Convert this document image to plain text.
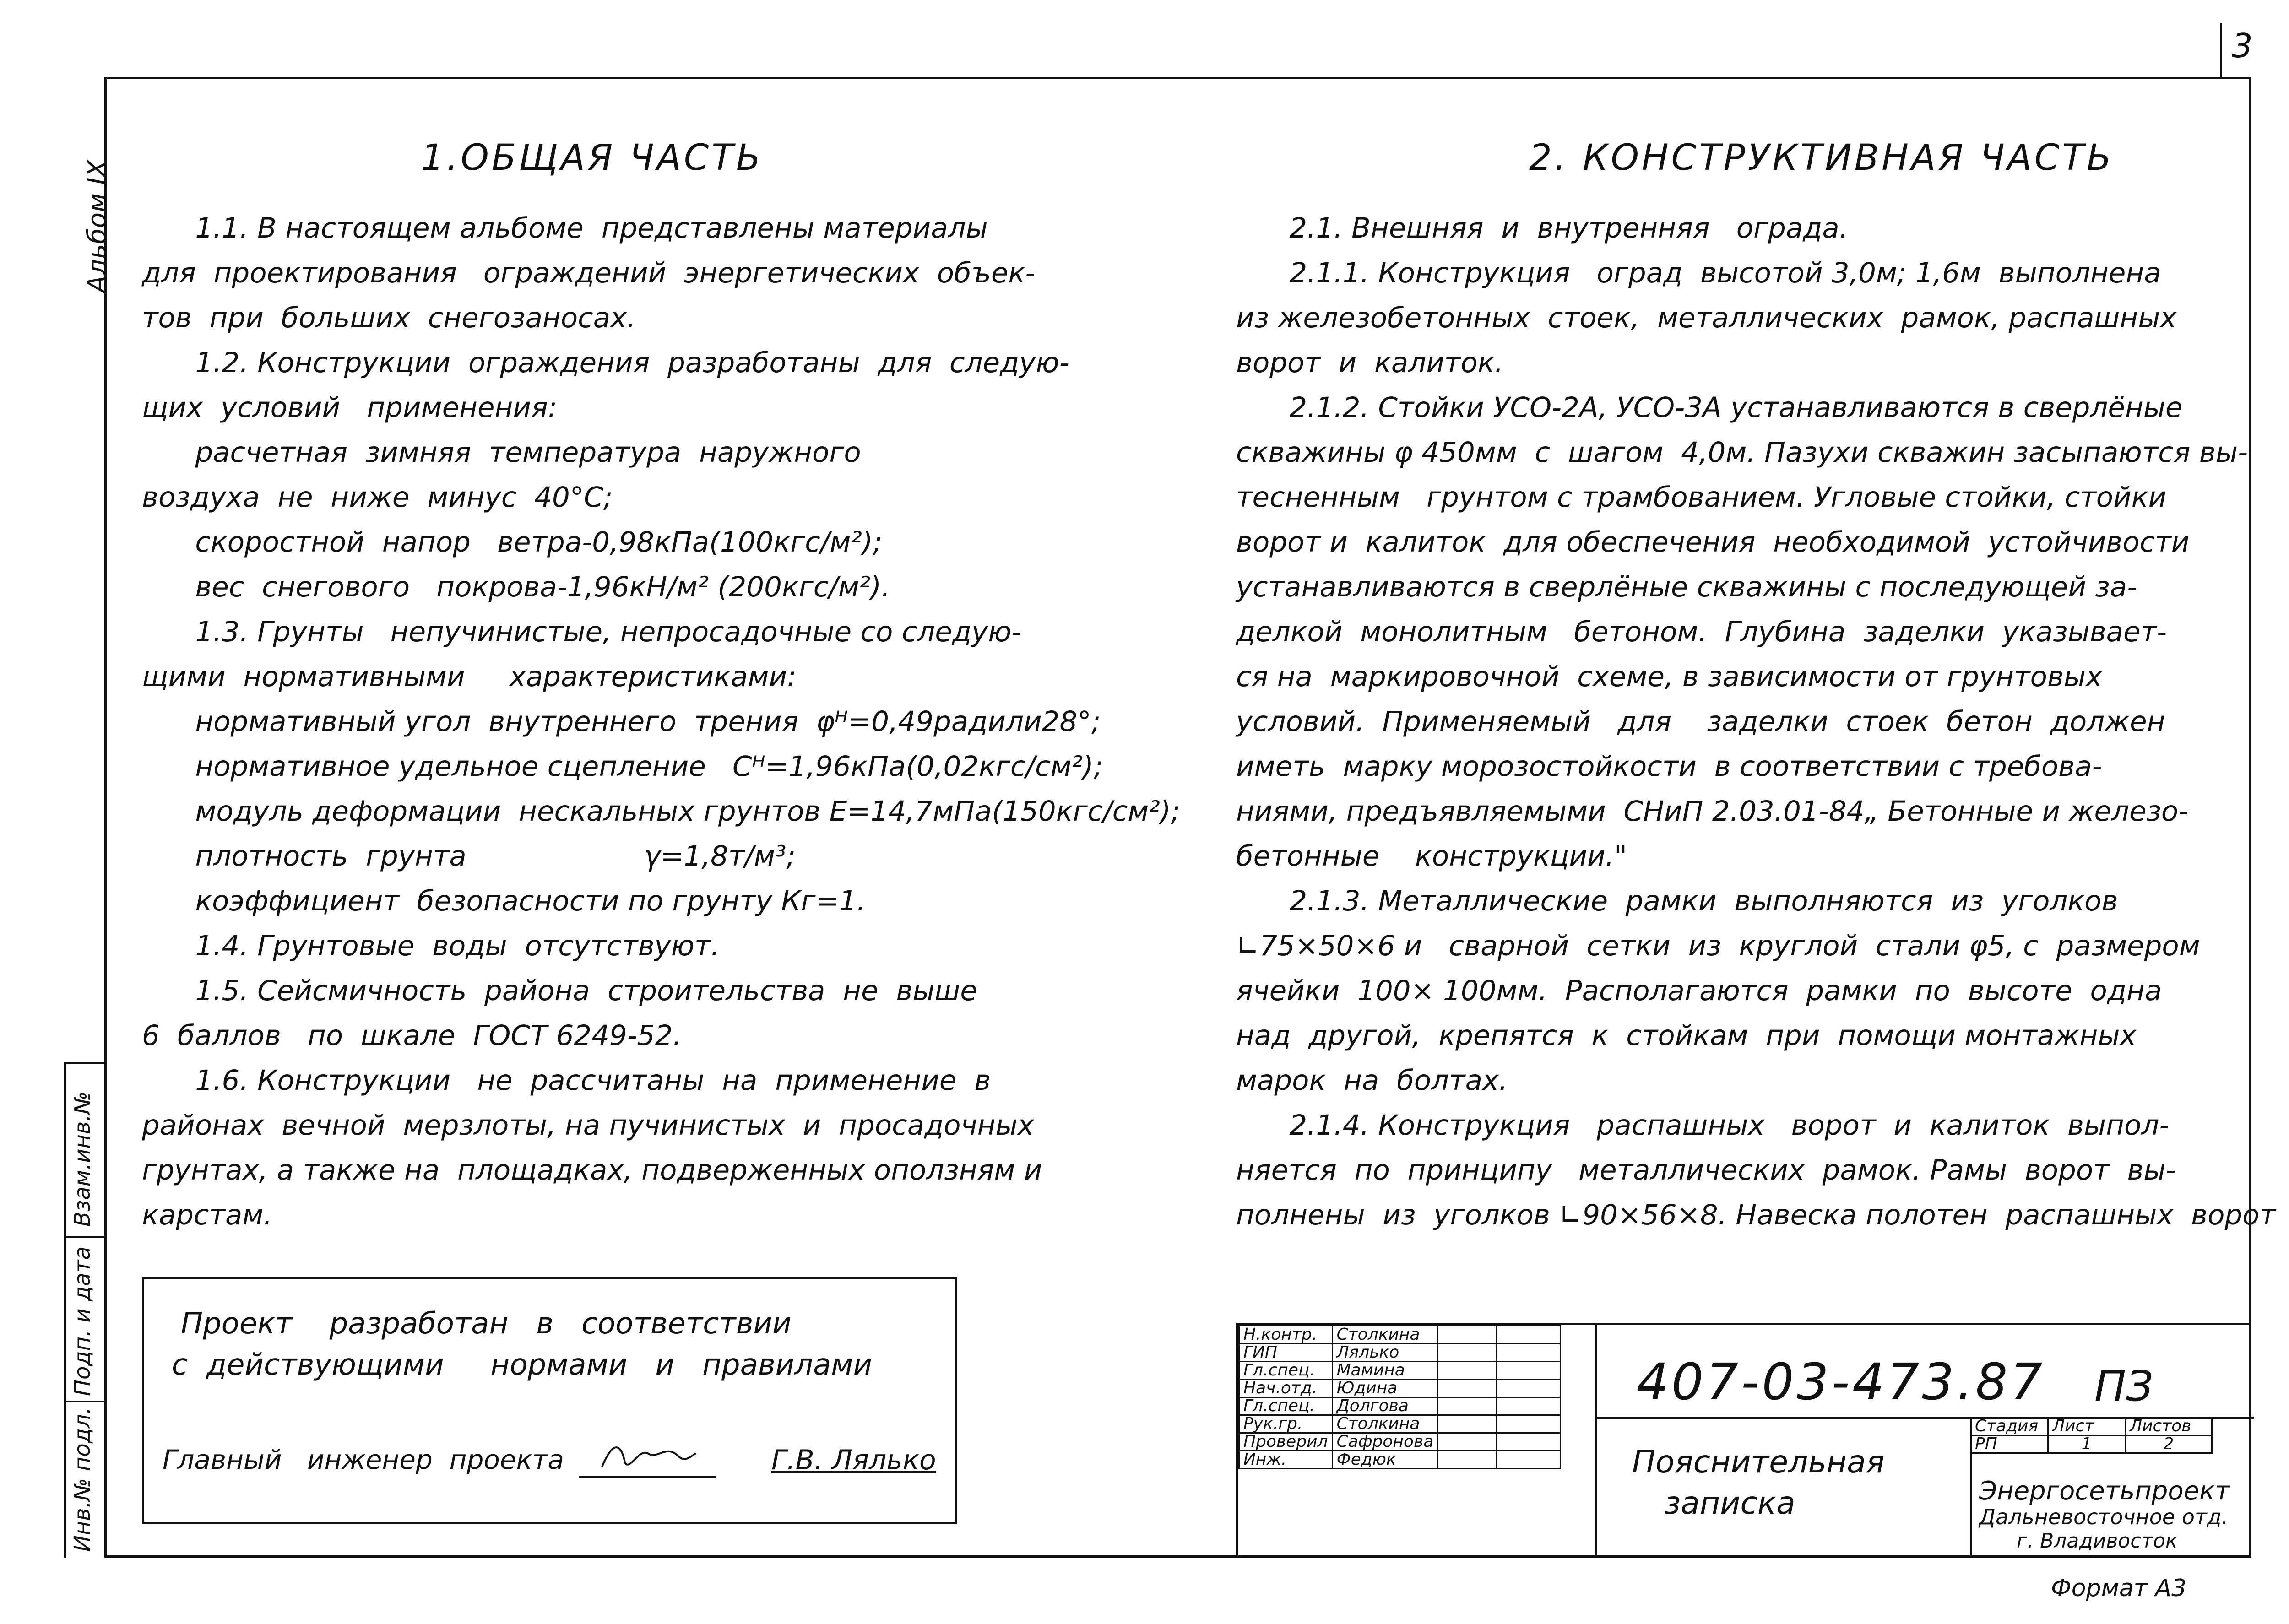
3
Взам.инв.№
Подп. и дата
Инв.№ подл.
Альбом IX
1.ОБЩАЯ ЧАСТЬ
1.1. В настоящем альбоме  представлены материалы
для  проектирования   ограждений  энергетических  объек-
тов  при  больших  снегозаносах.
1.2. Конструкции  ограждения  разработаны  для  следую-
щих  условий   применения:
расчетная  зимняя  температура  наружного
воздуха  не  ниже  минус  40°С;
скоростной  напор   ветра-0,98кПа(100кгс/м²);
вес  снегового   покрова-1,96кН/м² (200кгс/м²).
1.3. Грунты   непучинистые, непросадочные со следую-
щими  нормативными     характеристиками:
нормативный угол  внутреннего  трения  φᴴ=0,49радили28°;
нормативное удельное сцепление   Сᴴ=1,96кПа(0,02кгс/см²);
модуль деформации  нескальных грунтов Е=14,7мПа(150кгс/см²);
плотность  грунта                    γ=1,8т/м³;
коэффициент  безопасности по грунту Кг=1.
1.4. Грунтовые  воды  отсутствуют.
1.5. Сейсмичность  района  строительства  не  выше
6  баллов   по  шкале  ГОСТ 6249-52.
1.6. Конструкции   не  рассчитаны  на  применение  в
районах  вечной  мерзлоты, на пучинистых  и  просадочных
грунтах, а также на  площадках, подверженных оползням и
карстам.
2. КОНСТРУКТИВНАЯ ЧАСТЬ
2.1. Внешняя  и  внутренняя   ограда.
2.1.1. Конструкция   оград  высотой 3,0м; 1,6м  выполнена
из железобетонных  стоек,  металлических  рамок, распашных
ворот  и  калиток.
2.1.2. Стойки УСО-2А, УСО-3А устанавливаются в сверлёные
скважины φ 450мм  с  шагом  4,0м. Пазухи скважин засыпаются вы-
тесненным   грунтом с трамбованием. Угловые стойки, стойки
ворот и  калиток  для обеспечения  необходимой  устойчивости
устанавливаются в сверлёные скважины с последующей за-
делкой  монолитным   бетоном.  Глубина  заделки  указывает-
ся на  маркировочной  схеме, в зависимости от грунтовых
условий.  Применяемый   для    заделки  стоек  бетон  должен
иметь  марку морозостойкости  в соответствии с требова-
ниями, предъявляемыми  СНиП 2.03.01-84„ Бетонные и железо-
бетонные    конструкции."
2.1.3. Металлические  рамки  выполняются  из  уголков
∟75×50×6 и   сварной  сетки  из  круглой  стали φ5, с  размером
ячейки  100× 100мм.  Располагаются  рамки  по  высоте  одна
над  другой,  крепятся  к  стойкам  при  помощи монтажных
марок  на  болтах.
2.1.4. Конструкция   распашных   ворот  и  калиток  выпол-
няется  по  принципу   металлических  рамок. Рамы  ворот  вы-
полнены  из  уголков ∟90×56×8. Навеска полотен  распашных  ворот
Проект    разработан   в   соответствии
с  действующими     нормами   и   правилами
Главный   инженер  проекта	Г.В. Лялько
Н.контр.	Столкина		
ГИП	Лялько		
Гл.спец.	Мамина		
Нач.отд.	Юдина		
Гл.спец.	Долгова		
Рук.гр.	Столкина		
Проверил	Сафронова		
Инж.	Федюк		
407-03-473.87 ПЗ
Пояснительная
записка
Стадия	Лист	Листов
РП	1	2
Энергосетьпроект
Дальневосточное отд.
г. Владивосток
Формат А3
